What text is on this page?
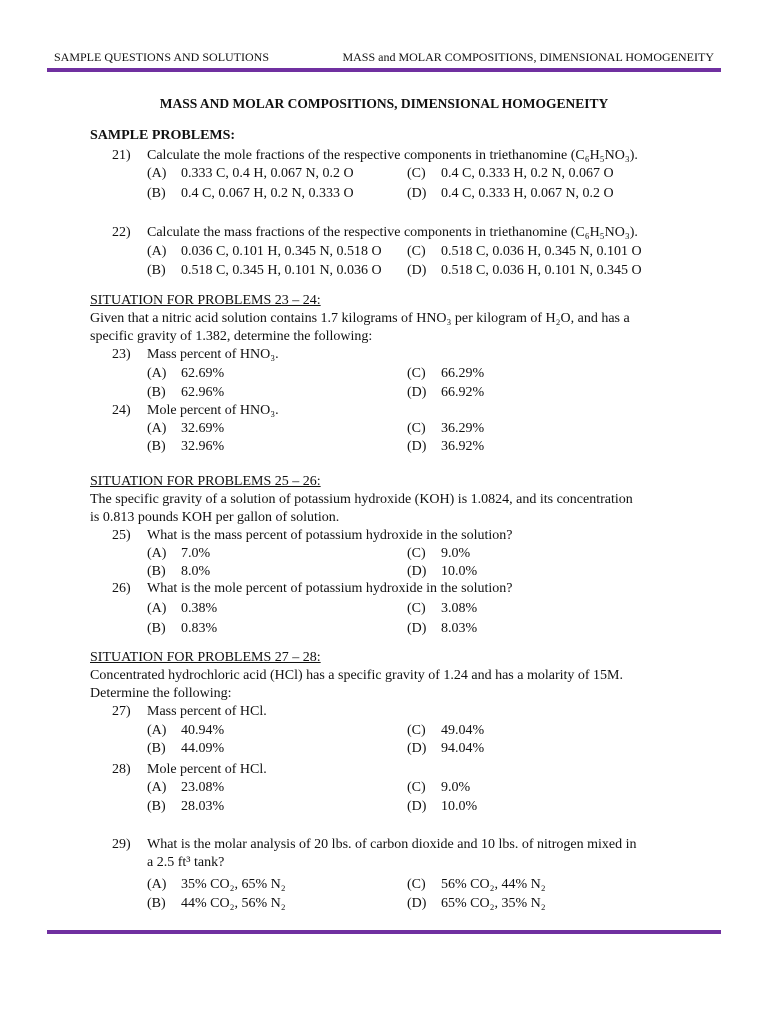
SAMPLE QUESTIONS AND SOLUTIONS	MASS and MOLAR COMPOSITIONS, DIMENSIONAL HOMOGENEITY
MASS AND MOLAR COMPOSITIONS, DIMENSIONAL HOMOGENEITY
SAMPLE PROBLEMS:
21) Calculate the mole fractions of the respective components in triethanomine (C₆H₅NO₃).
(A) 0.333 C, 0.4 H, 0.067 N, 0.2 O
(B) 0.4 C, 0.067 H, 0.2 N, 0.333 O
(C) 0.4 C, 0.333 H, 0.2 N, 0.067 O
(D) 0.4 C, 0.333 H, 0.067 N, 0.2 O
22) Calculate the mass fractions of the respective components in triethanomine (C₆H₅NO₃).
(A) 0.036 C, 0.101 H, 0.345 N, 0.518 O
(B) 0.518 C, 0.345 H, 0.101 N, 0.036 O
(C) 0.518 C, 0.036 H, 0.345 N, 0.101 O
(D) 0.518 C, 0.036 H, 0.101 N, 0.345 O
SITUATION FOR PROBLEMS 23 – 24:
Given that a nitric acid solution contains 1.7 kilograms of HNO₃ per kilogram of H₂O, and has a
specific gravity of 1.382, determine the following:
23) Mass percent of HNO₃.
(A) 62.69%
(B) 62.96%
(C) 66.29%
(D) 66.92%
24) Mole percent of HNO₃.
(A) 32.69%
(B) 32.96%
(C) 36.29%
(D) 36.92%
SITUATION FOR PROBLEMS 25 – 26:
The specific gravity of a solution of potassium hydroxide (KOH) is 1.0824, and its concentration
is 0.813 pounds KOH per gallon of solution.
25) What is the mass percent of potassium hydroxide in the solution?
(A) 7.0%
(B) 8.0%
(C) 9.0%
(D) 10.0%
26) What is the mole percent of potassium hydroxide in the solution?
(A) 0.38%
(B) 0.83%
(C) 3.08%
(D) 8.03%
SITUATION FOR PROBLEMS 27 – 28:
Concentrated hydrochloric acid (HCl) has a specific gravity of 1.24 and has a molarity of 15M.
Determine the following:
27) Mass percent of HCl.
(A) 40.94%
(B) 44.09%
(C) 49.04%
(D) 94.04%
28) Mole percent of HCl.
(A) 23.08%
(B) 28.03%
(C) 9.0%
(D) 10.0%
29) What is the molar analysis of 20 lbs. of carbon dioxide and 10 lbs. of nitrogen mixed in
a 2.5 ft³ tank?
(A) 35% CO₂, 65% N₂
(B) 44% CO₂, 56% N₂
(C) 56% CO₂, 44% N₂
(D) 65% CO₂, 35% N₂
